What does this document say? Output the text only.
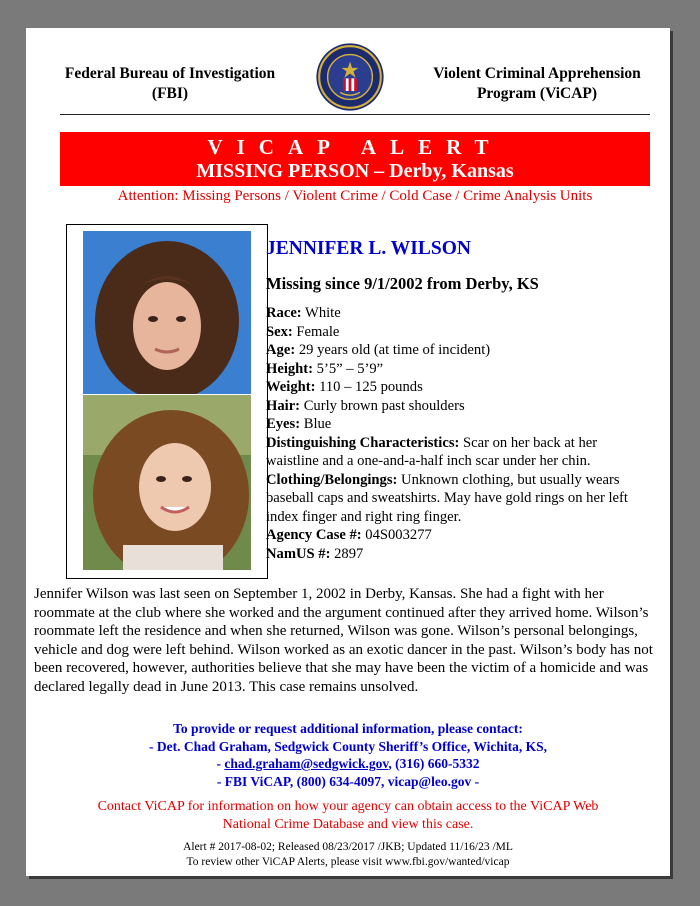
Federal Bureau of Investigation
(FBI)
Violent Criminal Apprehension
Program (ViCAP)
VICAP ALERT
MISSING PERSON – Derby, Kansas
Attention: Missing Persons / Violent Crime / Cold Case / Crime Analysis Units
JENNIFER L. WILSON
Missing since 9/1/2002 from Derby, KS
Race: White
Sex: Female
Age: 29 years old (at time of incident)
Height: 5’5” – 5’9”
Weight: 110 – 125 pounds
Hair: Curly brown past shoulders
Eyes: Blue
Distinguishing Characteristics: Scar on her back at her waistline and a one-and-a-half inch scar under her chin.
Clothing/Belongings: Unknown clothing, but usually wears baseball caps and sweatshirts. May have gold rings on her left index finger and right ring finger.
Agency Case #: 04S003277
NamUS #: 2897
Jennifer Wilson was last seen on September 1, 2002 in Derby, Kansas. She had a fight with her roommate at the club where she worked and the argument continued after they arrived home. Wilson’s roommate left the residence and when she returned, Wilson was gone. Wilson’s personal belongings, vehicle and dog were left behind. Wilson worked as an exotic dancer in the past. Wilson’s body has not been recovered, however, authorities believe that she may have been the victim of a homicide and was declared legally dead in June 2013. This case remains unsolved.
To provide or request additional information, please contact:
- Det. Chad Graham, Sedgwick County Sheriff’s Office, Wichita, KS,
- chad.graham@sedgwick.gov, (316) 660-5332
- FBI ViCAP, (800) 634-4097, vicap@leo.gov -
Contact ViCAP for information on how your agency can obtain access to the ViCAP Web National Crime Database and view this case.
Alert # 2017-08-02; Released 08/23/2017 /JKB; Updated 11/16/23 /ML
To review other ViCAP Alerts, please visit www.fbi.gov/wanted/vicap
